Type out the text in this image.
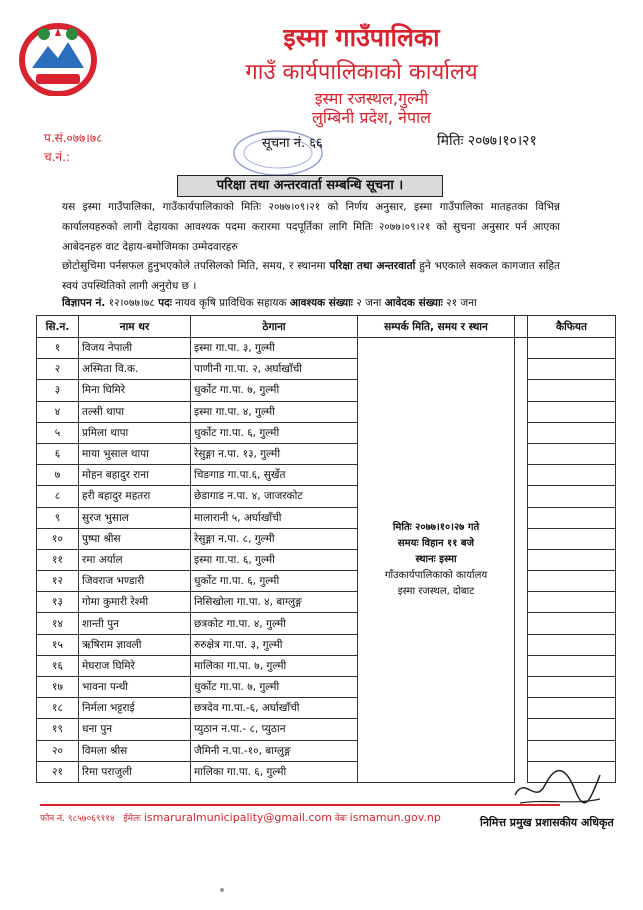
इस्मा गाउँपालिका
गाउँ कार्यपालिकाको कार्यालय
इस्मा रजस्थल,गुल्मी
लुम्बिनी प्रदेश, नेपाल
प.सं.०७७।७८
च.नं.:
सूचना नं. ६६	मितिः २०७७।१०।२१
परिक्षा तथा अन्तरवार्ता सम्बन्धि सूचना ।
यस इस्मा गाउँपालिका, गाउँकार्यपालिकाको मितिः २०७७।०९।२१ को निर्णय अनुसार, इस्मा गाउँपालिका मातहतका विभिन्न कार्यालयहरुको लागी देहायका आवश्यक पदमा करारमा पदपूर्तिका लागि मितिः २०७७।०९।२१ को सुचना अनुसार पर्न आएका आबेदनहरु वाट देहाय-बमोजिमका उम्मेदवारहरु
छोटोसुचिमा पर्नसफल हुनुभएकोले तपसिलको मिति, समय, र स्थानमा परिक्षा तथा अन्तरवार्ता हुने भएकाले सक्कल कागजात सहित स्वयं उपस्थितिको लागी अनुरोध छ ।
विज्ञापन नं. १२।०७७।७८ पदः नायव कृषि प्राविधिक सहायक आवश्यक संख्याः २ जना आवेदक संख्याः २१ जना
सि.न.	नाम थर	ठेगाना	सम्पर्क मिति, समय र स्थान		कैफियत
१	विजय नेपाली	इस्मा गा.पा. ३, गुल्मी	मितिः २०७७।१०।२७ गते
समयः विहान ११ बजे
स्थानः इस्मा
गाँउकार्यपालिकाको कार्यालय
इस्मा रजस्थल, दोबाट		

२	अस्मिता वि.क.	पाणीनी गा.पा. २, अर्घाखाँची			
३	मिना घिमिरे	धुर्कोट गा.पा. ७, गुल्मी			
४	तल्सी थापा	इस्मा गा.पा. ४, गुल्मी			
५	प्रमिला थापा	धुर्कोट गा.पा. ६, गुल्मी			
६	माया भुसाल थापा	रेसुङ्गा न.पा. १३, गुल्मी			
७	मोहन बहादुर राना	चिङगाड गा.पा.६, सुर्खेत			
८	हरी बहादुर महतरा	छेडागाड न.पा. ४, जाजरकोट			
९	सुरज भुसाल	मालारानी ५, अर्घाखाँची			
१०	पुष्पा श्रीस	रेसुङ्गा न.पा. ८, गुल्मी			
११	रमा अर्याल	इस्मा गा.पा. ६, गुल्मी			
१२	जिवराज भण्डारी	धुर्कोट गा.पा. ६, गुल्मी			
१३	गोमा कुमारी रेश्मी	निसिखोला गा.पा. ४, बाग्लुङ्ग			
१४	शान्ती पुन	छत्रकोट गा.पा. ४, गुल्मी			
१५	ऋषिराम ज्ञावली	रुरुक्षेत्र गा.पा. ३, गुल्मी			
१६	मेघराज घिमिरे	मालिका गा.पा. ७, गुल्मी			
१७	भावना पन्थी	धुर्कोट गा.पा. ७, गुल्मी			
१८	निर्मला भट्टराई	छत्रदेव गा.पा.-६, अर्घाखाँची			
१९	धना पुन	प्युठान न.पा.- ८, प्युठान			
२०	विमला श्रीस	जैमिनी न.पा.-१०, बाग्लुङ्ग			
२१	रिमा पराजुली	मालिका गा.पा. ६, गुल्मी			
निमित्त प्रमुख प्रशासकीय अधिकृत
फोन नं. ९८५७०६९११४ ईमेलः ismaruralmunicipality@gmail.com वेबः ismamun.gov.np
